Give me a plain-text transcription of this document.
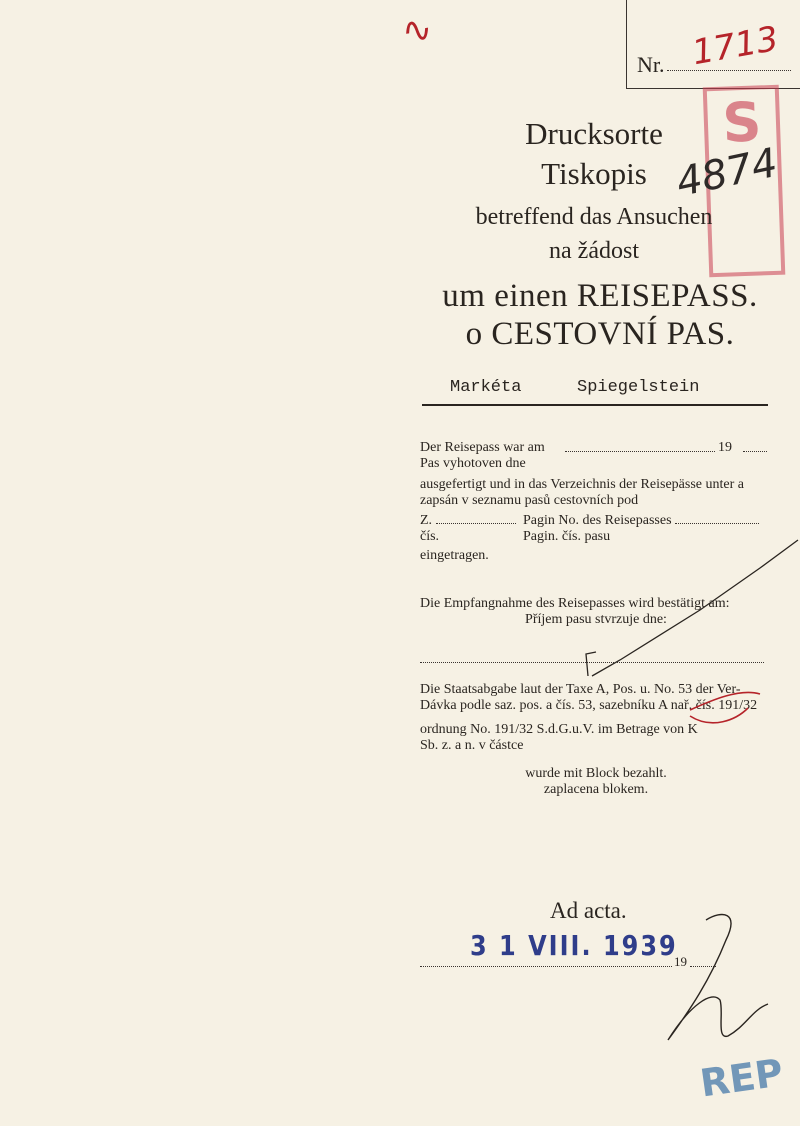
∿
Nr. 1713
S
4874
Drucksorte
Tiskopis
betreffend das Ansuchen
na žádost
um einen REISEPASS.
o CESTOVNÍ PAS.
Markéta	Spiegelstein
Der Reisepass war am	19
Pas vyhotoven dne
ausgefertigt und in das Verzeichnis der Reisepässe unter a zapsán v seznamu pasů cestovních pod
Z.
čís.
Pagin No. des Reisepasses
Pagin. čís. pasu
eingetragen.
Die Empfangnahme des Reisepasses wird bestätigt am:
Příjem pasu stvrzuje dne:
Die Staatsabgabe laut der Taxe A, Pos. u. No. 53 der Ver-
Dávka podle saz. pos. a čís. 53, sazebníku A nař. čís. 191/32
ordnung No. 191/32 S.d.G.u.V. im Betrage von K
Sb. z. a n. v částce
wurde mit Block bezahlt.
zaplacena blokem.
Ad acta.
3 1 VIII. 1939
19
REP
